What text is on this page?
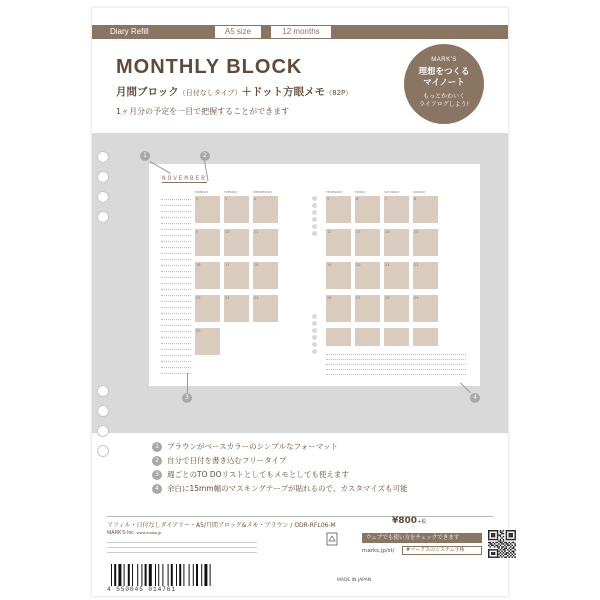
Diary Refill	A5 size	12 months
MONTHLY BLOCK
月間ブロック（日付なしタイプ）＋ドット方眼メモ（82P）
1ヶ月分の予定を一目で把握することができます
MARK'S
理想をつくる
マイノート
もっとかわいく
ライフログしよう!
NOVEMBER
MONDAY	TUESDAY	WEDNESDAY
2	3	4
9	10	11
16	17	18
23	24	25
30
THURSDAY	FRIDAY	SATURDAY	SUNDAY
5	6	7	8
12	13	14	15
19	20	21	22
26	27	28	29
1	2
3	4
1 ブラウンがベースカラーのシンプルなフォーマット
2 自分で日付を書き込むフリータイプ
3 週ごとのTO DOリストとしてもメモとしても使えます
4 余白に15mm幅のマスキングテープが貼れるので、カスタマイズも可能
リフィル・日付なしダイアリー・A5/月間ブロック&メモ・ブラウン / ODR-RFL06-M	¥800+税
MARK'S Inc. www.marks.jp
ウェブでも使い方をチェックできます
marks.jp/st/	#マークスのシステム手帳
4 550045 014761
MADE IN JAPAN
